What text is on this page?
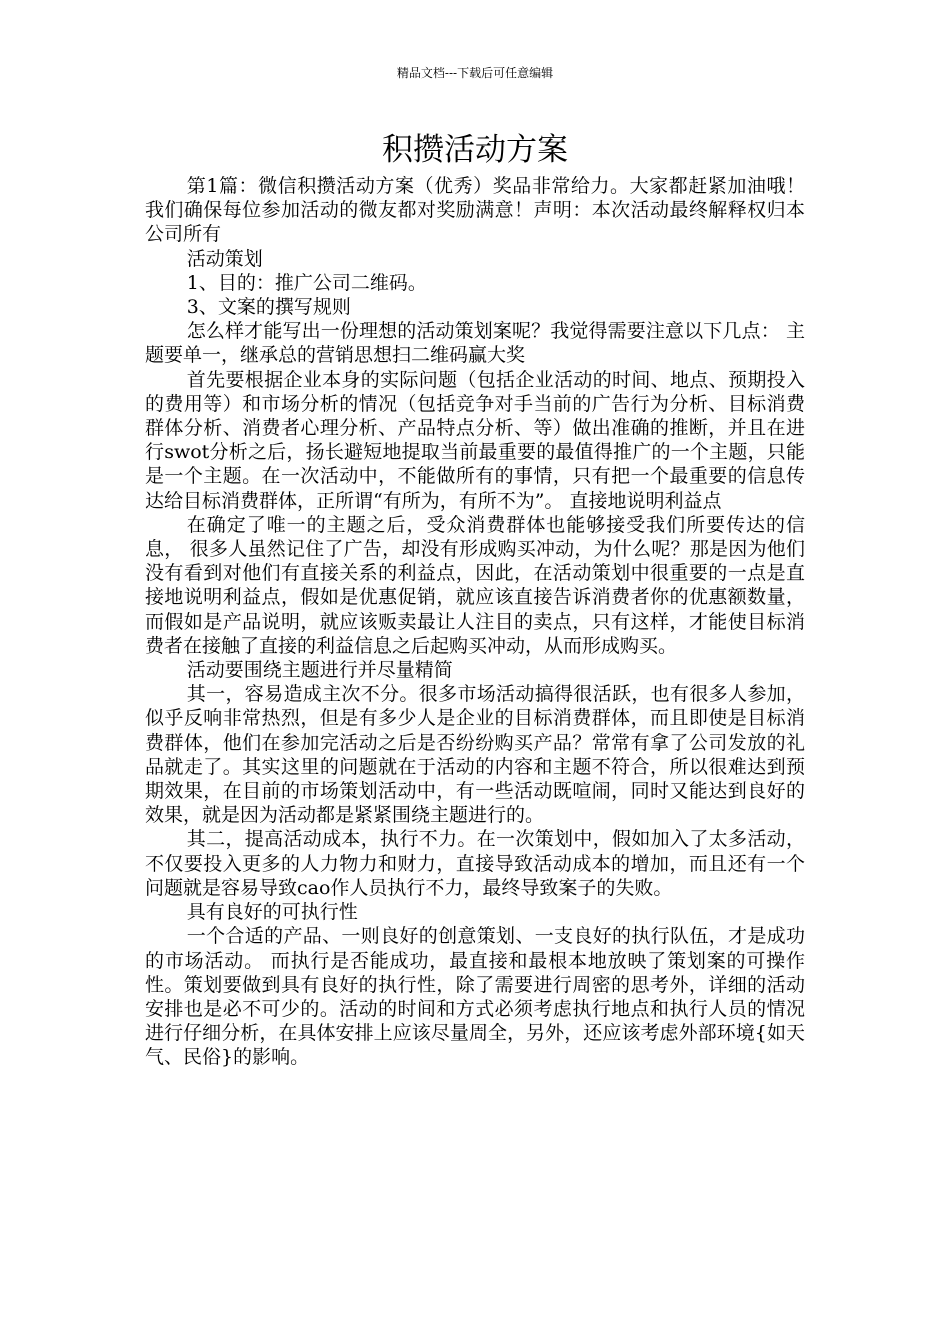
精品文档---下载后可任意编辑
积攒活动方案

第1篇：微信积攒活动方案（优秀）奖品非常给力。大家都赶紧加油哦！ 我们确保每位参加活动的微友都对奖励满意！声明：本次活动最终解释权归本公司所有

活动策划

1、目的：推广公司二维码。

3、文案的撰写规则

怎么样才能写出一份理想的活动策划案呢？我觉得需要注意以下几点： 主题要单一，继承总的营销思想扫二维码赢大奖

首先要根据企业本身的实际问题（包括企业活动的时间、地点、预期投入的费用等）和市场分析的情况（包括竞争对手当前的广告行为分析、目标消费群体分析、消费者心理分析、产品特点分析、等）做出准确的推断，并且在进行swot分析之后，扬长避短地提取当前最重要的最值得推广的一个主题，只能是一个主题。在一次活动中，不能做所有的事情，只有把一个最重要的信息传达给目标消费群体，正所谓“有所为，有所不为”。 直接地说明利益点

在确定了唯一的主题之后，受众消费群体也能够接受我们所要传达的信息， 很多人虽然记住了广告，却没有形成购买冲动，为什么呢？那是因为他们没有看到对他们有直接关系的利益点，因此，在活动策划中很重要的一点是直接地说明利益点，假如是优惠促销，就应该直接告诉消费者你的优惠额数量，而假如是产品说明，就应该贩卖最让人注目的卖点，只有这样，才能使目标消费者在接触了直接的利益信息之后起购买冲动，从而形成购买。

活动要围绕主题进行并尽量精简

其一，容易造成主次不分。很多市场活动搞得很活跃，也有很多人参加，似乎反响非常热烈，但是有多少人是企业的目标消费群体，而且即使是目标消费群体，他们在参加完活动之后是否纷纷购买产品？常常有拿了公司发放的礼品就走了。其实这里的问题就在于活动的内容和主题不符合，所以很难达到预期效果，在目前的市场策划活动中，有一些活动既喧闹，同时又能达到良好的效果，就是因为活动都是紧紧围绕主题进行的。

其二，提高活动成本，执行不力。在一次策划中，假如加入了太多活动，不仅要投入更多的人力物力和财力，直接导致活动成本的增加，而且还有一个问题就是容易导致cao作人员执行不力，最终导致案子的失败。

具有良好的可执行性

一个合适的产品、一则良好的创意策划、一支良好的执行队伍，才是成功的市场活动。 而执行是否能成功，最直接和最根本地放映了策划案的可操作性。策划要做到具有良好的执行性，除了需要进行周密的思考外，详细的活动安排也是必不可少的。活动的时间和方式必须考虑执行地点和执行人员的情况进行仔细分析，在具体安排上应该尽量周全，另外，还应该考虑外部环境{如天气、民俗}的影响。
